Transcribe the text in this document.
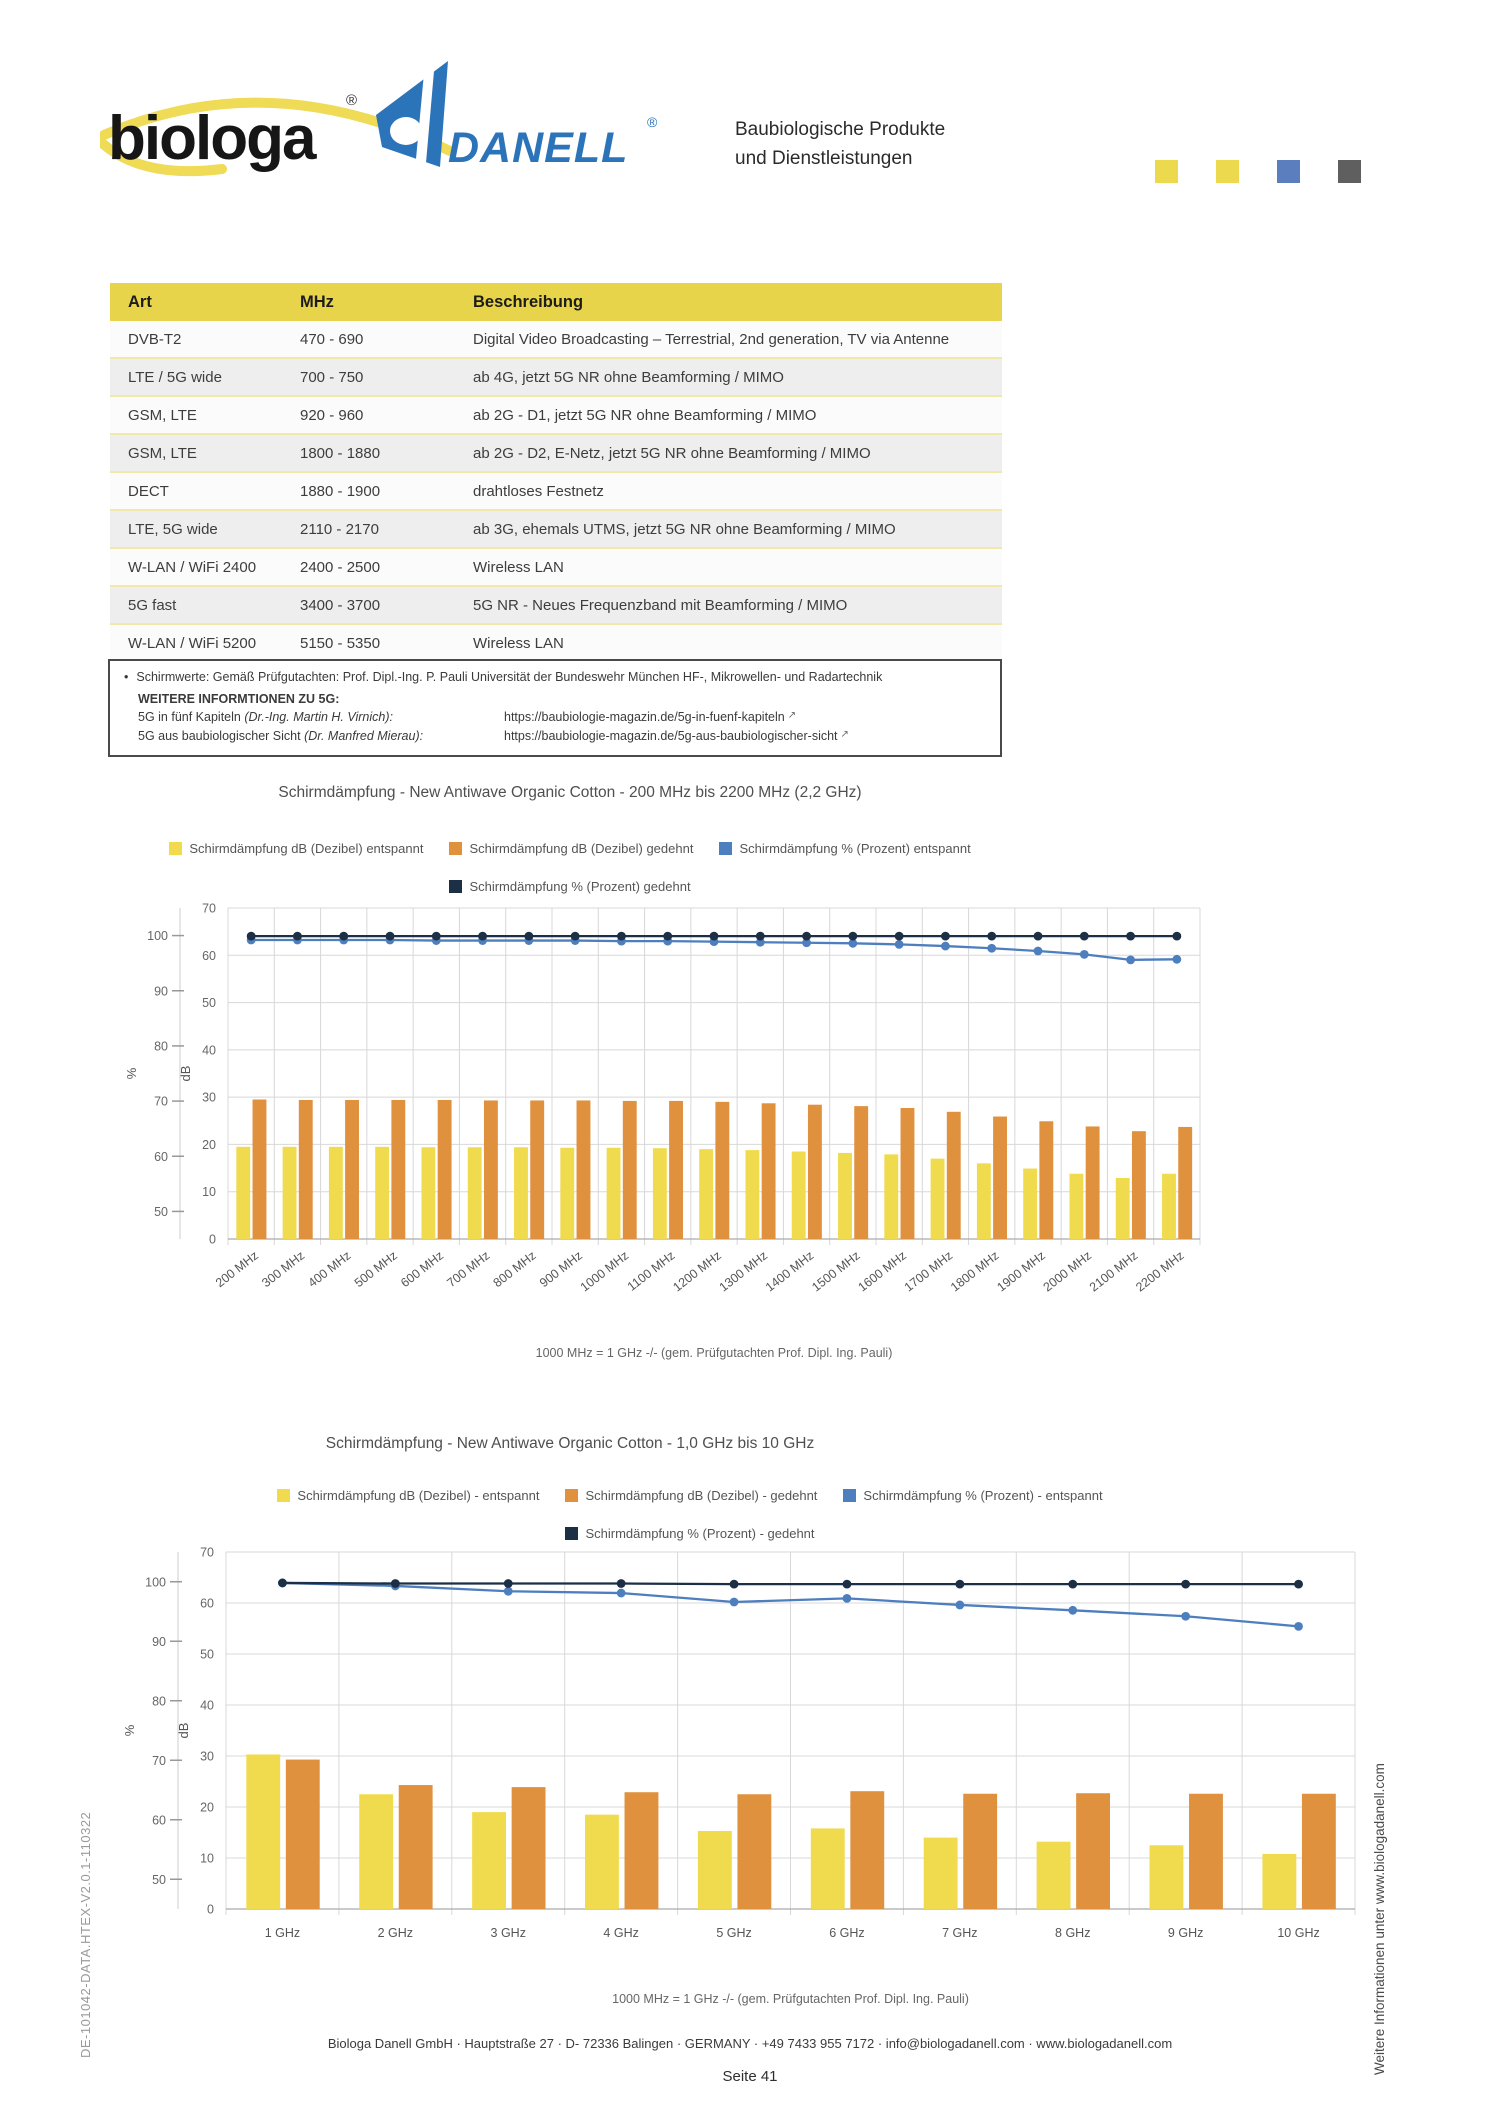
biologa
®
DANELL
®	Baubiologische Produkte
und Dienstleistungen
Art	MHz	Beschreibung
DVB-T2	470 - 690	Digital Video Broadcasting – Terrestrial, 2nd generation, TV via Antenne
LTE / 5G wide	700 - 750	ab 4G, jetzt 5G NR ohne Beamforming / MIMO
GSM, LTE	920 - 960	ab 2G - D1, jetzt 5G NR ohne Beamforming / MIMO
GSM, LTE	1800 - 1880	ab 2G - D2, E-Netz, jetzt 5G NR ohne Beamforming / MIMO
DECT	1880 - 1900	drahtloses Festnetz
LTE, 5G wide	2110 - 2170	ab 3G, ehemals UTMS, jetzt 5G NR ohne Beamforming / MIMO
W-LAN / WiFi 2400	2400 - 2500	Wireless LAN
5G fast	3400 - 3700	5G NR - Neues Frequenzband mit Beamforming / MIMO
W-LAN / WiFi 5200	5150 - 5350	Wireless LAN
• Schirmwerte: Gemäß Prüfgutachten: Prof. Dipl.-Ing. P. Pauli Universität der Bundeswehr München HF-, Mikrowellen- und Radartechnik
WEITERE INFORMTIONEN ZU 5G:
5G in fünf Kapiteln (Dr.-Ing. Martin H. Virnich):	https://baubiologie-magazin.de/5g-in-fuenf-kapiteln ↗
5G aus baubiologischer Sicht (Dr. Manfred Mierau):	https://baubiologie-magazin.de/5g-aus-baubiologischer-sicht ↗
Schirmdämpfung - New Antiwave Organic Cotton - 200 MHz bis 2200 MHz (2,2 GHz)
Schirmdämpfung dB (Dezibel) entspannt	Schirmdämpfung dB (Dezibel) gedehnt	Schirmdämpfung % (Prozent) entspannt
Schirmdämpfung % (Prozent) gedehnt
0
10
20
30
40
50
60
70
50
60
70
80
90
100
200 MHz
300 MHz
400 MHz
500 MHz
600 MHz
700 MHz
800 MHz
900 MHz
1000 MHz
1100 MHz
1200 MHz
1300 MHz
1400 MHz
1500 MHz
1600 MHz
1700 MHz
1800 MHz
1900 MHz
2000 MHz
2100 MHz
2200 MHz
%	dB
1000 MHz = 1 GHz -/- (gem. Prüfgutachten Prof. Dipl. Ing. Pauli)
Schirmdämpfung - New Antiwave Organic Cotton - 1,0 GHz bis 10 GHz
Schirmdämpfung dB (Dezibel) - entspannt	Schirmdämpfung dB (Dezibel) - gedehnt	Schirmdämpfung % (Prozent) - entspannt
Schirmdämpfung % (Prozent) - gedehnt
0
10
20
30
40
50
60
70
50
60
70
80
90
100
1 GHz	2 GHz	3 GHz	4 GHz	5 GHz	6 GHz	7 GHz	8 GHz	9 GHz	10 GHz
%	dB
1000 MHz = 1 GHz -/- (gem. Prüfgutachten Prof. Dipl. Ing. Pauli)
Biologa Danell GmbH · Hauptstraße 27 · D- 72336 Balingen · GERMANY · +49 7433 955 7172 · info@biologadanell.com · www.biologadanell.com
Seite 41
DE-101042-DATA.HTEX-V2.0.1-110322	Weitere Informationen unter www.biologadanell.com
